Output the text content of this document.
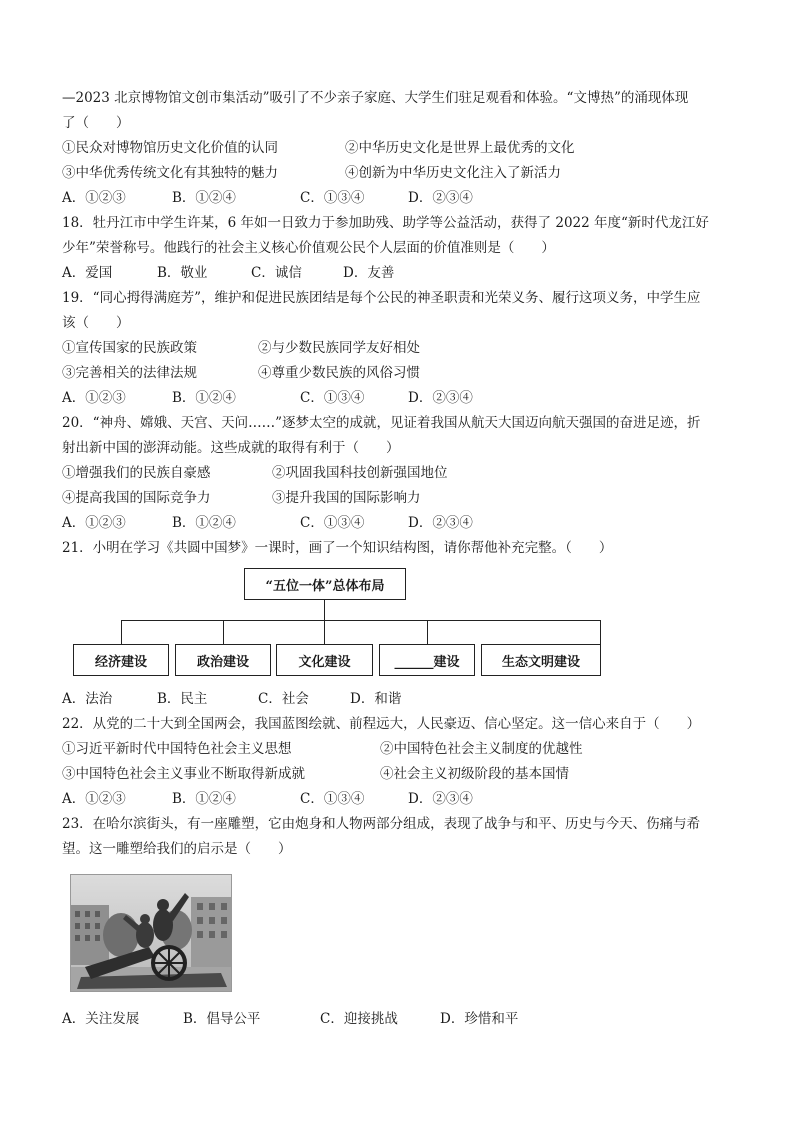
—2023 北京博物馆文创市集活动”吸引了不少亲子家庭、大学生们驻足观看和体验。“文博热”的涌现体现
了（　　）
①民众对博物馆历史文化价值的认同	②中华历史文化是世界上最优秀的文化
③中华优秀传统文化有其独特的魅力	④创新为中华历史文化注入了新活力
A．①②③	B．①②④	C．①③④	D．②③④
18．牡丹江市中学生许某，6 年如一日致力于参加助残、助学等公益活动，获得了 2022 年度“新时代龙江好
少年”荣誉称号。他践行的社会主义核心价值观公民个人层面的价值准则是（　　）
A．爱国	B．敬业	C．诚信	D．友善
19．“同心拇得满庭芳”，维护和促进民族团结是每个公民的神圣职责和光荣义务、履行这项义务，中学生应
该（　　）
①宣传国家的民族政策	②与少数民族同学友好相处
③完善相关的法律法规	④尊重少数民族的风俗习惯
A．①②③	B．①②④	C．①③④	D．②③④
20．“神舟、嫦娥、天宫、天问……”逐梦太空的成就，见证着我国从航天大国迈向航天强国的奋进足迹，折
射出新中国的澎湃动能。这些成就的取得有利于（　　）
①增强我们的民族自豪感	②巩固我国科技创新强国地位
④提高我国的国际竞争力	③提升我国的国际影响力
A．①②③	B．①②④	C．①③④	D．②③④
21．小明在学习《共圆中国梦》一课时，画了一个知识结构图，请你帮他补充完整。（　　）
“五位一体”总体布局
经济建设	政治建设	文化建设	______建设	生态文明建设
A．法治	B．民主	C．社会	D．和谐
22．从党的二十大到全国两会，我国蓝图绘就、前程远大，人民豪迈、信心坚定。这一信心来自于（　　）
①习近平新时代中国特色社会主义思想	②中国特色社会主义制度的优越性
③中国特色社会主义事业不断取得新成就	④社会主义初级阶段的基本国情
A．①②③	B．①②④	C．①③④	D．②③④
23．在哈尔滨街头，有一座雕塑，它由炮身和人物两部分组成，表现了战争与和平、历史与今天、伤痛与希
望。这一雕塑给我们的启示是（　　）
A．关注发展	B．倡导公平	C．迎接挑战	D．珍惜和平
